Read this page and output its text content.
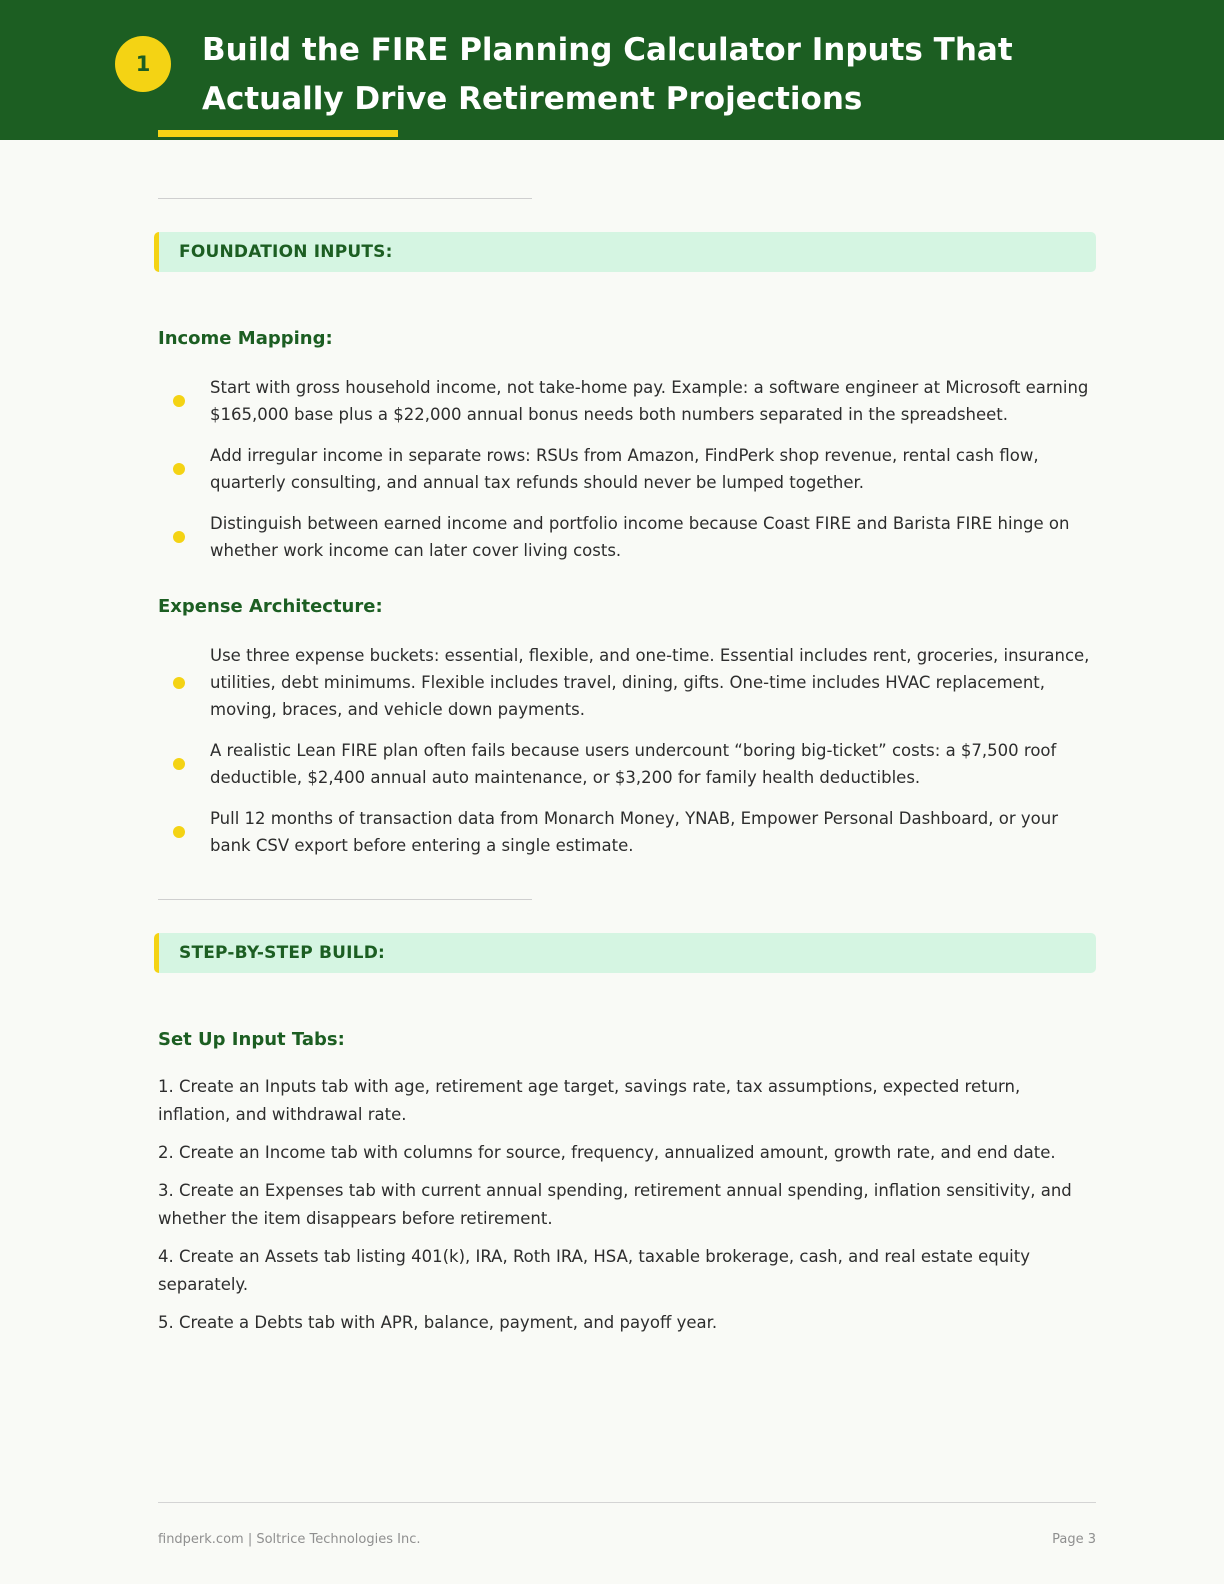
1	Build the FIRE Planning Calculator Inputs That Actually Drive Retirement Projections
FOUNDATION INPUTS:
Income Mapping:
Start with gross household income, not take-home pay. Example: a software engineer at Microsoft earning $165,000 base plus a $22,000 annual bonus needs both numbers separated in the spreadsheet.
Add irregular income in separate rows: RSUs from Amazon, FindPerk shop revenue, rental cash flow, quarterly consulting, and annual tax refunds should never be lumped together.
Distinguish between earned income and portfolio income because Coast FIRE and Barista FIRE hinge on whether work income can later cover living costs.
Expense Architecture:
Use three expense buckets: essential, flexible, and one-time. Essential includes rent, groceries, insurance, utilities, debt minimums. Flexible includes travel, dining, gifts. One-time includes HVAC replacement, moving, braces, and vehicle down payments.
A realistic Lean FIRE plan often fails because users undercount “boring big-ticket” costs: a $7,500 roof deductible, $2,400 annual auto maintenance, or $3,200 for family health deductibles.
Pull 12 months of transaction data from Monarch Money, YNAB, Empower Personal Dashboard, or your bank CSV export before entering a single estimate.
STEP-BY-STEP BUILD:
Set Up Input Tabs:
1. Create an Inputs tab with age, retirement age target, savings rate, tax assumptions, expected return, inflation, and withdrawal rate.
2. Create an Income tab with columns for source, frequency, annualized amount, growth rate, and end date.
3. Create an Expenses tab with current annual spending, retirement annual spending, inflation sensitivity, and whether the item disappears before retirement.
4. Create an Assets tab listing 401(k), IRA, Roth IRA, HSA, taxable brokerage, cash, and real estate equity separately.
5. Create a Debts tab with APR, balance, payment, and payoff year.
findperk.com | Soltrice Technologies Inc.	Page 3
